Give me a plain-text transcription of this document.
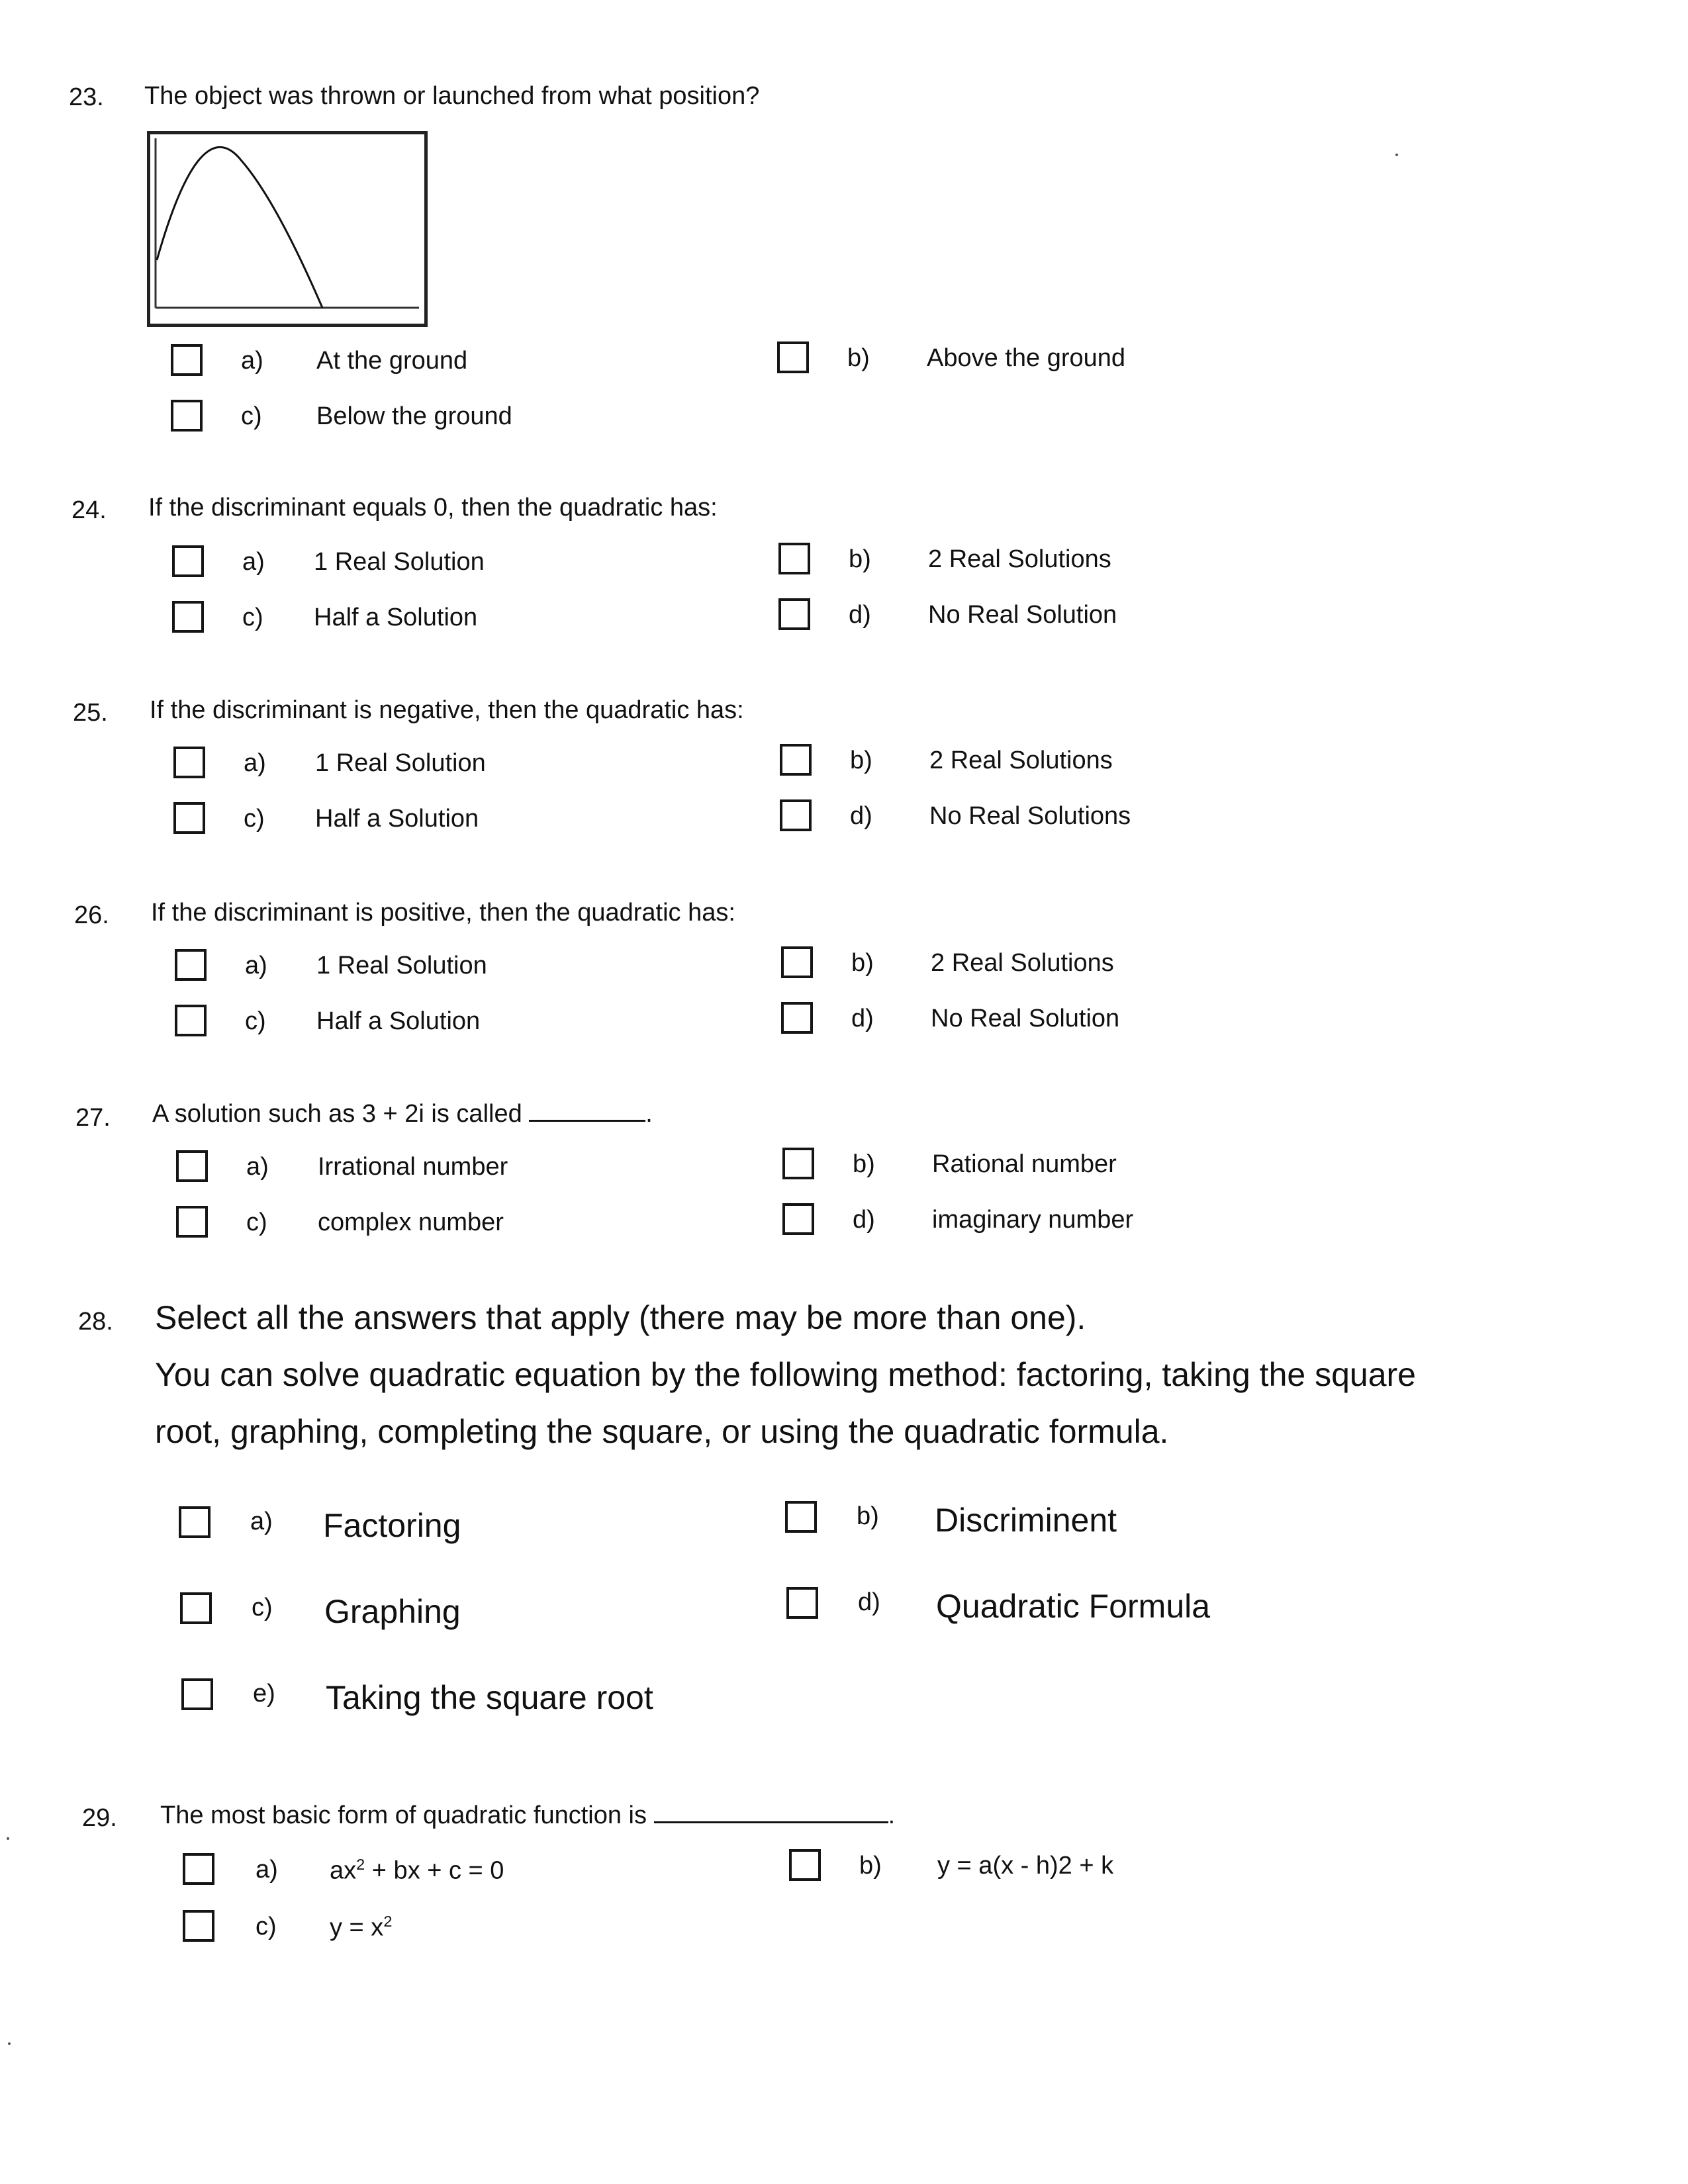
23. The object was thrown or launched from what position?
a) At the ground	b) Above the ground
c) Below the ground
24. If the discriminant equals 0, then the quadratic has:
a) 1 Real Solution	b) 2 Real Solutions
c) Half a Solution	d) No Real Solution
25. If the discriminant is negative, then the quadratic has:
a) 1 Real Solution	b) 2 Real Solutions
c) Half a Solution	d) No Real Solutions
26. If the discriminant is positive, then the quadratic has:
a) 1 Real Solution	b) 2 Real Solutions
c) Half a Solution	d) No Real Solution
27. A solution such as 3 + 2i is called	.
a) Irrational number	b) Rational number
c) complex number	d) imaginary number
28. Select all the answers that apply (there may be more than one).
You can solve quadratic equation by the following method: factoring, taking the square
root, graphing, completing the square, or using the quadratic formula.
a) Factoring	b) Discriminent
c) Graphing	d) Quadratic Formula
e) Taking the square root
29. The most basic form of quadratic function is	.
a) $ax^2$ + bx + c = 0	b) y = a(x - h)2 + k
c) $y = x^2$
